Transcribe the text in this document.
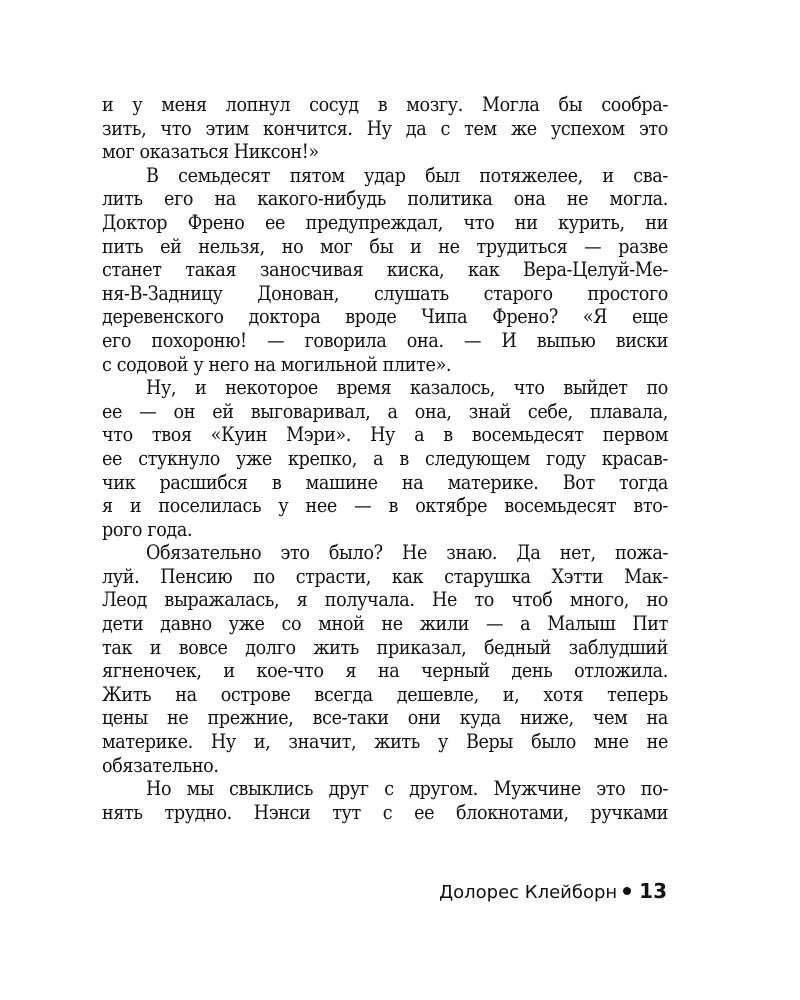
и у меня лопнул сосуд в мозгу. Могла бы сообра-
зить, что этим кончится. Ну да с тем же успехом это
мог оказаться Никсон!»
В семьдесят пятом удар был потяжелее, и сва-
лить его на какого-нибудь политика она не могла.
Доктор Френо ее предупреждал, что ни курить, ни
пить ей нельзя, но мог бы и не трудиться — разве
станет такая заносчивая киска, как Вера-Целуй-Ме-
ня-В-Задницу Донован, слушать старого простого
деревенского доктора вроде Чипа Френо? «Я еще
его похороню! — говорила она. — И выпью виски
с содовой у него на могильной плите».
Ну, и некоторое время казалось, что выйдет по
ее — он ей выговаривал, а она, знай себе, плавала,
что твоя «Куин Мэри». Ну а в восемьдесят первом
ее стукнуло уже крепко, а в следующем году красав-
чик расшибся в машине на материке. Вот тогда
я и поселилась у нее — в октябре восемьдесят вто-
рого года.
Обязательно это было? Не знаю. Да нет, пожа-
луй. Пенсию по страсти, как старушка Хэтти Мак-
Леод выражалась, я получала. Не то чтоб много, но
дети давно уже со мной не жили — а Малыш Пит
так и вовсе долго жить приказал, бедный заблудший
ягненочек, и кое-что я на черный день отложила.
Жить на острове всегда дешевле, и, хотя теперь
цены не прежние, все-таки они куда ниже, чем на
материке. Ну и, значит, жить у Веры было мне не
обязательно.
Но мы свыклись друг с другом. Мужчине это по-
нять трудно. Нэнси тут с ее блокнотами, ручками
Долорес Клейборн 13
